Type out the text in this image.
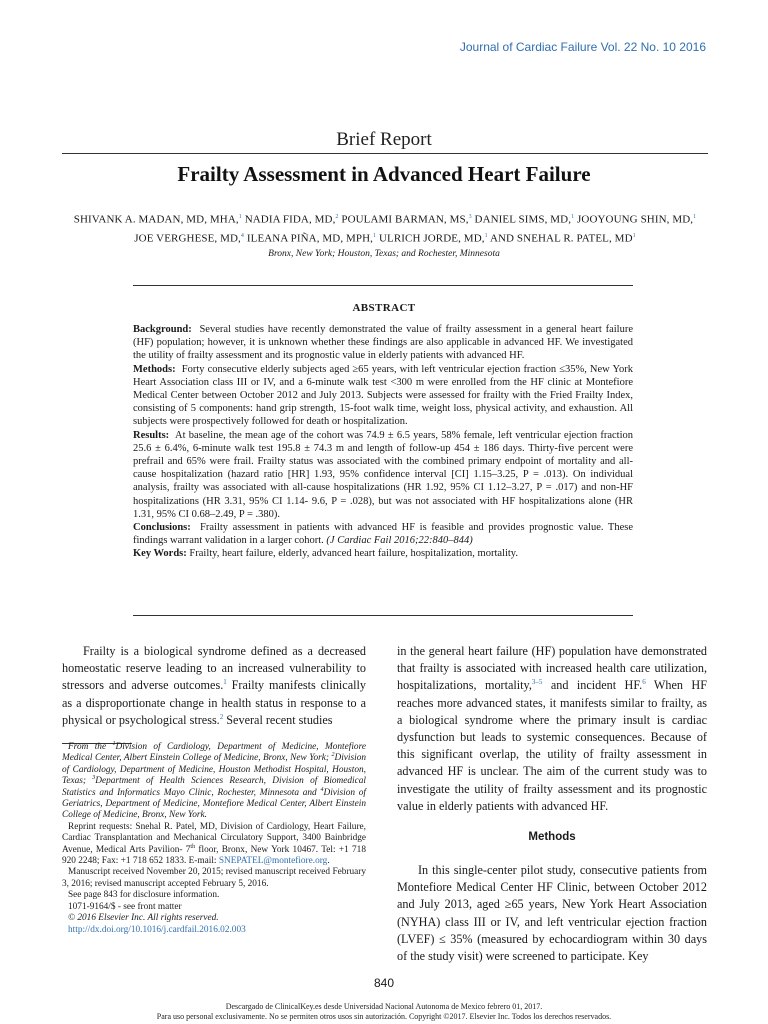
Journal of Cardiac Failure Vol. 22 No. 10 2016
Brief Report
Frailty Assessment in Advanced Heart Failure
SHIVANK A. MADAN, MD, MHA,$^1$ NADIA FIDA, MD,$^2$ POULAMI BARMAN, MS,$^3$ DANIEL SIMS, MD,$^1$ JOOYOUNG SHIN, MD,$^1$
JOE VERGHESE, MD,$^4$ ILEANA PIÑA, MD, MPH,$^1$ ULRICH JORDE, MD,$^1$ AND SNEHAL R. PATEL, $MD^1$
Bronx, New York; Houston, Texas; and Rochester, Minnesota
ABSTRACT

Background: Several studies have recently demonstrated the value of frailty assessment in a general heart failure (HF) population; however, it is unknown whether these findings are also applicable in advanced HF. We investigated the utility of frailty assessment and its prognostic value in elderly patients with advanced HF.

Methods: Forty consecutive elderly subjects aged ≥65 years, with left ventricular ejection fraction ≤35%, New York Heart Association class III or IV, and a 6-minute walk test <300 m were enrolled from the HF clinic at Montefiore Medical Center between October 2012 and July 2013. Subjects were assessed for frailty with the Fried Frailty Index, consisting of 5 components: hand grip strength, 15-foot walk time, weight loss, physical activity, and exhaustion. All subjects were prospectively followed for death or hospitalization.

Results: At baseline, the mean age of the cohort was 74.9 ± 6.5 years, 58% female, left ventricular ejection fraction 25.6 ± 6.4%, 6-minute walk test 195.8 ± 74.3 m and length of follow-up 454 ± 186 days. Thirty-five percent were prefrail and 65% were frail. Frailty status was associated with the combined primary endpoint of mortality and all-cause hospitalization (hazard ratio [HR] 1.93, 95% confidence interval [CI] 1.15–3.25, P = .013). On individual analysis, frailty was associated with all-cause hospitalizations (HR 1.92, 95% CI 1.12–3.27, P = .017) and non-HF hospitalizations (HR 3.31, 95% CI 1.14- 9.6, P = .028), but was not associated with HF hospitalizations alone (HR 1.31, 95% CI 0.68–2.49, P = .380).

Conclusions: Frailty assessment in patients with advanced HF is feasible and provides prognostic value. These findings warrant validation in a larger cohort. (J Cardiac Fail 2016;22:840–844)

Key Words: Frailty, heart failure, elderly, advanced heart failure, hospitalization, mortality.

Frailty is a biological syndrome defined as a decreased homeostatic reserve leading to an increased vulnerability to stressors and adverse outcomes.$^1$ Frailty manifests clinically as a disproportionate change in health status in response to a physical or psychological stress.$^2$ Several recent studies

From the $^1$Division of Cardiology, Department of Medicine, Montefiore Medical Center, Albert Einstein College of Medicine, Bronx, New York; $^2$Division of Cardiology, Department of Medicine, Houston Methodist Hospital, Houston, Texas; $^3$Department of Health Sciences Research, Division of Biomedical Statistics and Informatics Mayo Clinic, Rochester, Minnesota and $^4$Division of Geriatrics, Department of Medicine, Montefiore Medical Center, Albert Einstein College of Medicine, Bronx, New York.

Reprint requests: Snehal R. Patel, MD, Division of Cardiology, Heart Failure, Cardiac Transplantation and Mechanical Circulatory Support, 3400 Bainbridge Avenue, Medical Arts Pavilion- 7th floor, Bronx, New York 10467. Tel: +1 718 920 2248; Fax: +1 718 652 1833. E-mail: SNEPATEL@montefiore.org.

Manuscript received November 20, 2015; revised manuscript received February 3, 2016; revised manuscript accepted February 5, 2016.

See page 843 for disclosure information.

1071-9164/$ - see front matter

© 2016 Elsevier Inc. All rights reserved.

http://dx.doi.org/10.1016/j.cardfail.2016.02.003

in the general heart failure (HF) population have demonstrated that frailty is associated with increased health care utilization, hospitalizations, mortality,$^{3-5}$ and incident HF.$^6$ When HF reaches more advanced states, it manifests similar to frailty, as a biological syndrome where the primary insult is cardiac dysfunction but leads to systemic consequences. Because of this significant overlap, the utility of frailty assessment in advanced HF is unclear. The aim of the current study was to investigate the utility of frailty assessment and its prognostic value in elderly patients with advanced HF.

Methods

In this single-center pilot study, consecutive patients from Montefiore Medical Center HF Clinic, between October 2012 and July 2013, aged ≥65 years, New York Heart Association (NYHA) class III or IV, and left ventricular ejection fraction (LVEF) ≤ 35% (measured by echocardiogram within 30 days of the study visit) were screened to participate. Key

840
Descargado de ClinicalKey.es desde Universidad Nacional Autonoma de Mexico febrero 01, 2017.
Para uso personal exclusivamente. No se permiten otros usos sin autorización. Copyright ©2017. Elsevier Inc. Todos los derechos reservados.
